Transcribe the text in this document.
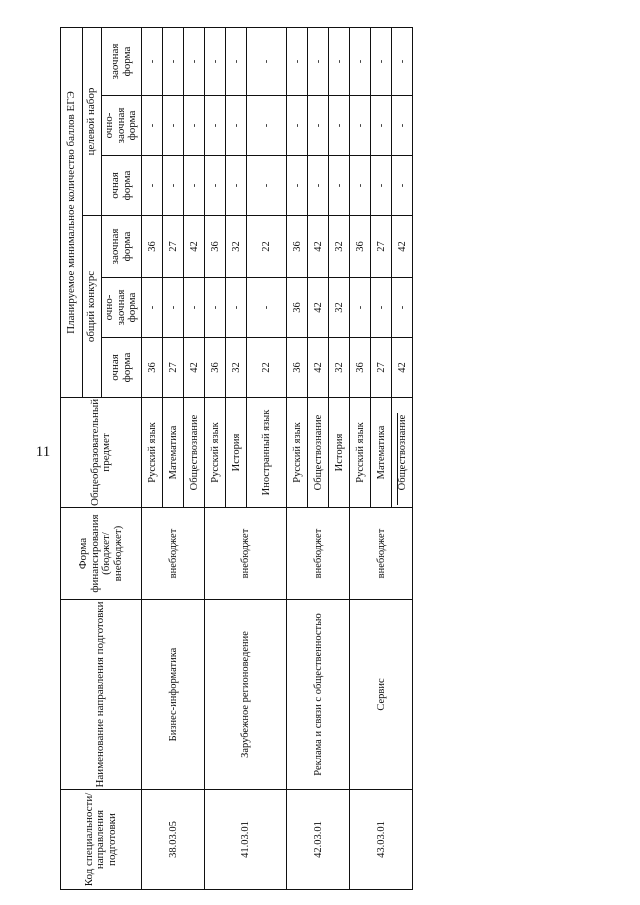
11
Код специальности/ направления подготовки	Наименование направления подготовки	Форма финансирования (бюджет/ внебюджет)	Общеобразовательный предмет	Планируемое минимальное количество баллов ЕГЭ					
				общий конкурс			целевой набор		
				очная форма	очно-заочная форма	заочная форма	очная форма	очно-заочная форма	заочная форма
38.03.05	Бизнес-информатика	внебюджет	Русский язык	36	-	36	-	-	-
			Математика	27	-	27	-	-	-
			Обществознание	42	-	42	-	-	-
41.03.01	Зарубежное регионоведение	внебюджет	Русский язык	36	-	36	-	-	-
			История	32	-	32	-	-	-
			Иностранный язык	22	-	22	-	-	-
42.03.01	Реклама и связи с общественностью	внебюджет	Русский язык	36	36	36	-	-	-
			Обществознание	42	42	42	-	-	-
			История	32	32	32	-	-	-
43.03.01	Сервис	внебюджет	Русский язык	36	-	36	-	-	-
			Математика	27	-	27	-	-	-
			Обществознание	42	-	42	-	-	-
